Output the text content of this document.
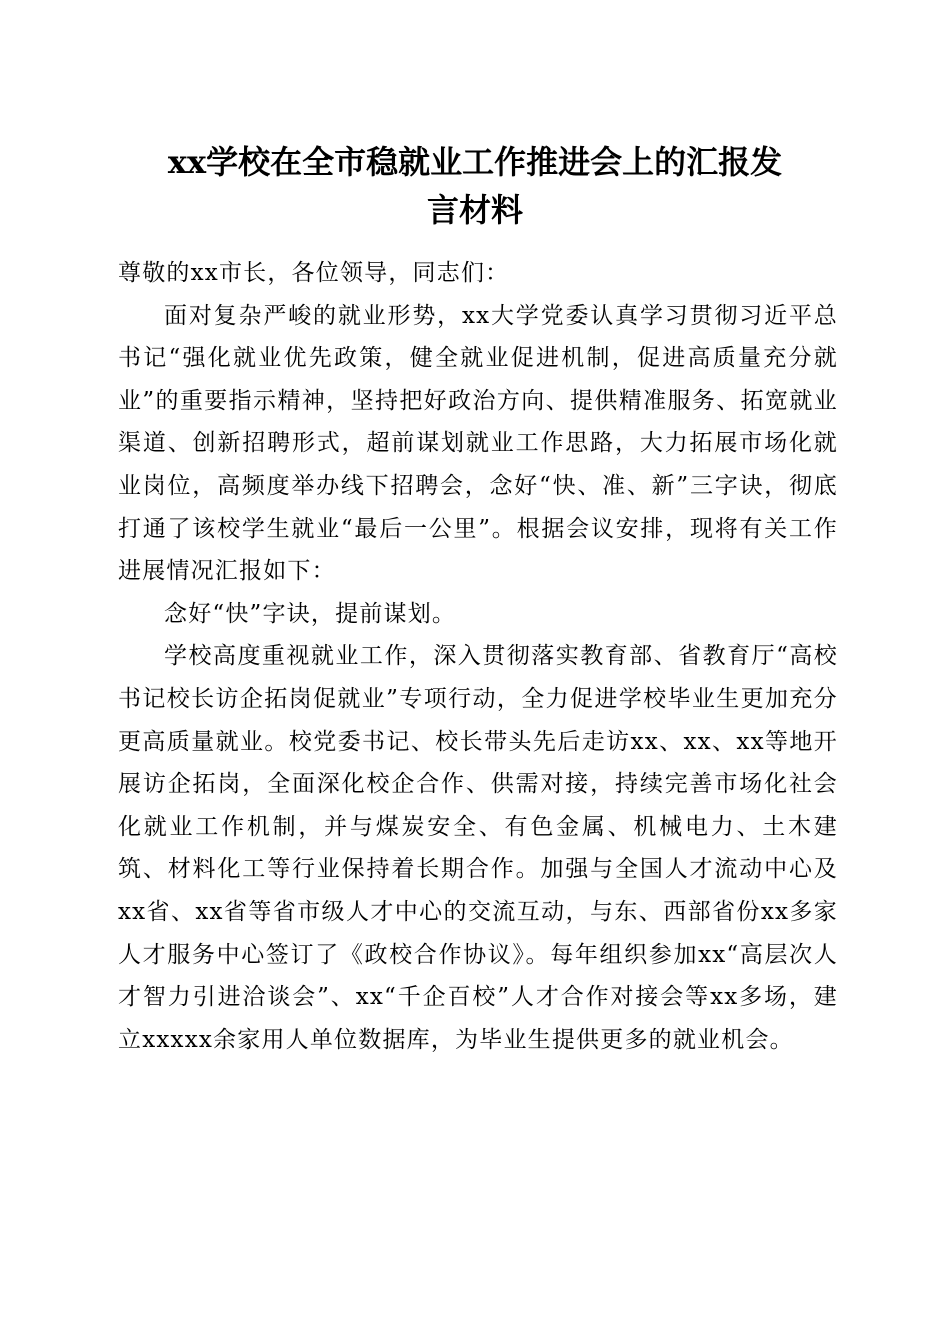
xx学校在全市稳就业工作推进会上的汇报发
言材料

尊敬的xx市长，各位领导，同志们：

面对复杂严峻的就业形势，xx大学党委认真学习贯彻习近平总书记“强化就业优先政策，健全就业促进机制，促进高质量充分就业”的重要指示精神，坚持把好政治方向、提供精准服务、拓宽就业渠道、创新招聘形式，超前谋划就业工作思路，大力拓展市场化就业岗位，高频度举办线下招聘会，念好“快、准、新”三字诀，彻底打通了该校学生就业“最后一公里”。根据会议安排，现将有关工作进展情况汇报如下：

念好“快”字诀，提前谋划。

学校高度重视就业工作，深入贯彻落实教育部、省教育厅“高校书记校长访企拓岗促就业”专项行动，全力促进学校毕业生更加充分更高质量就业。校党委书记、校长带头先后走访xx、xx、xx等地开展访企拓岗，全面深化校企合作、供需对接，持续完善市场化社会化就业工作机制，并与煤炭安全、有色金属、机械电力、土木建筑、材料化工等行业保持着长期合作。加强与全国人才流动中心及xx省、xx省等省市级人才中心的交流互动，与东、西部省份xx多家人才服务中心签订了《政校合作协议》。每年组织参加xx“高层次人才智力引进洽谈会”、xx“千企百校”人才合作对接会等xx多场，建立xxxxx余家用人单位数据库，为毕业生提供更多的就业机会。
